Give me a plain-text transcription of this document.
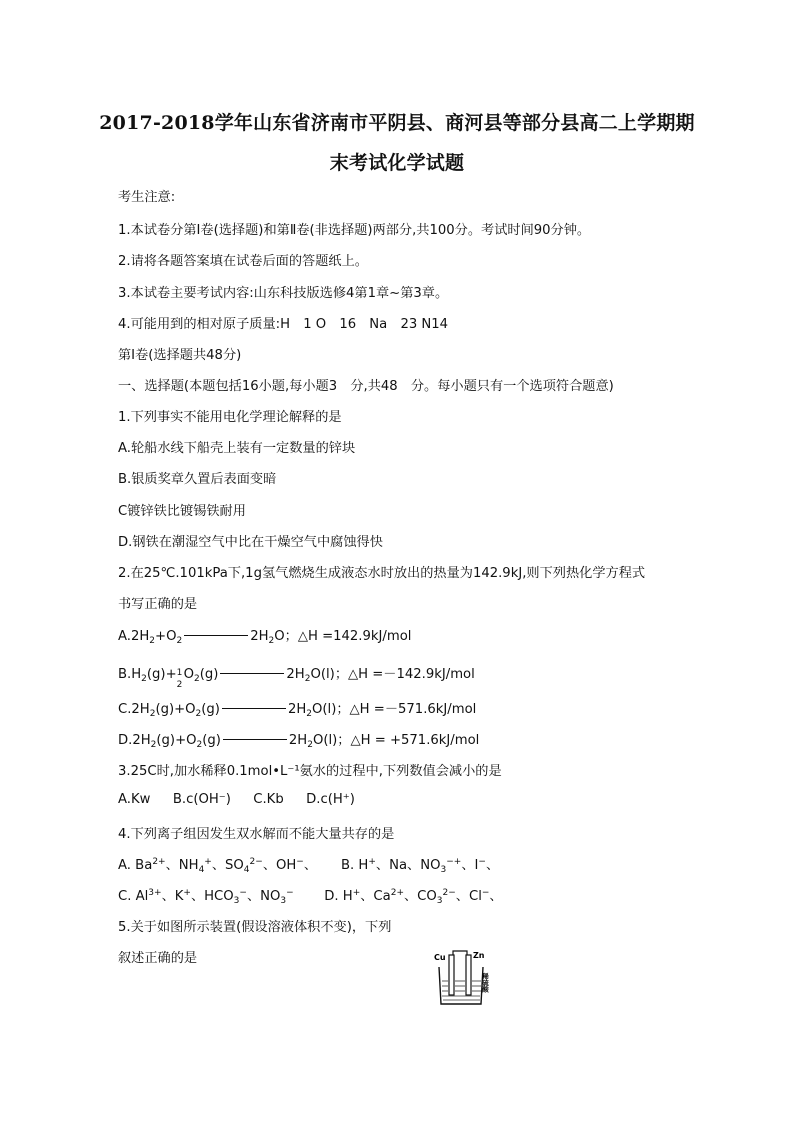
2017-2018学年山东省济南市平阴县、商河县等部分县高二上学期期
末考试化学试题
考生注意:
1.本试卷分第Ⅰ卷(选择题)和第Ⅱ卷(非选择题)两部分,共100分。考试时间90分钟。
2.请将各题答案填在试卷后面的答题纸上。
3.本试卷主要考试内容:山东科技版选修4第1章~第3章。
4.可能用到的相对原子质量:H　1 O　16　Na　23 N14
第Ⅰ卷(选择题共48分)
一、选择题(本题包括16小题,每小题3　分,共48　分。每小题只有一个选项符合题意)
1.下列事实不能用电化学理论解释的是
A.轮船水线下船壳上装有一定数量的锌块
B.银质奖章久置后表面变暗
C镀锌铁比镀锡铁耐用
D.钢铁在潮湿空气中比在干燥空气中腐蚀得快
2.在25℃.101kPa下,1g氢气燃烧生成液态水时放出的热量为142.9kJ,则下列热化学方程式
书写正确的是
$A.2H_2+O_2$	$2H_2O$；△H =142.9kJ/mol
$B.H_2(g)+ 1$
2
$O_2(g)$	$2H_2O(l)$；△H =－142.9kJ/mol
$C.2H_2(g)+O_2(g)$	$2H_2O(l)$；△H =－571.6kJ/mol
$D.2H_2(g)+O_2(g)$	$2H_2O(l)$；△H = +571.6kJ/mol
3.25C时,加水稀释0.1mol•L⁻¹氨水的过程中,下列数值会减小的是
A.Kw B.c(OH⁻) C.Kb D.c(H⁺)
4.下列离子组因发生双水解而不能大量共存的是
A. $Ba^{2+}$、$NH_4^+$、$SO_4^{2-}$、OH−、　　 B. H+、Na、$NO_3^{-+}$、I−、
C. $Al^{3+}$、K+、$HCO_3^-$、$NO_3^-$　　 D. H+、$Ca^{2+}$、$CO_3^{2-}$、Cl−、
5.关于如图所示装置(假设溶液体积不变)，下列
叙述正确的是	Cu	Zn
稀硫酸
